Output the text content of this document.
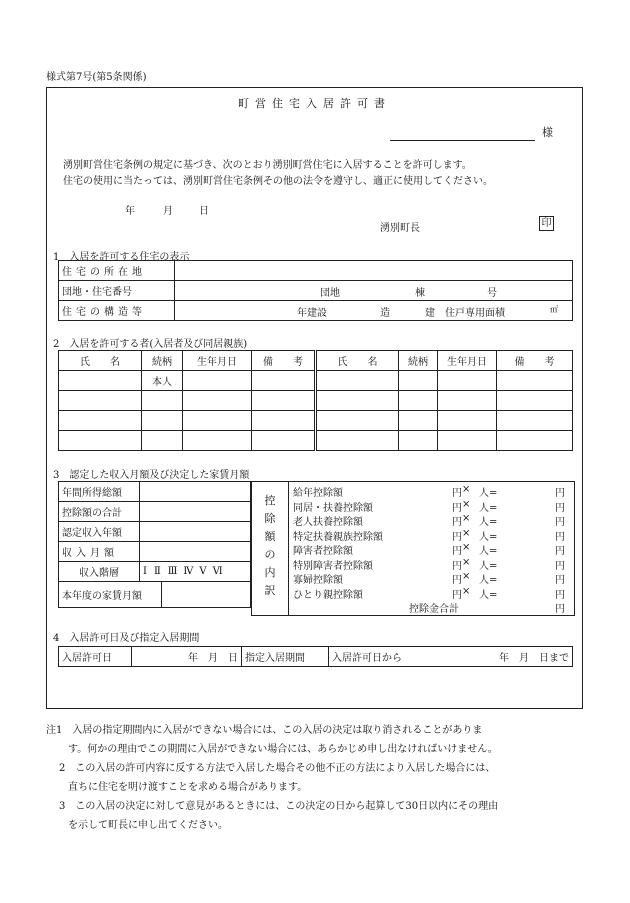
様式第7号(第5条関係)
町営住宅入居許可書
様
湧別町営住宅条例の規定に基づき、次のとおり湧別町営住宅に入居することを許可します。
住宅の使用に当たっては、湧別町営住宅条例その他の法令を遵守し、適正に使用してください。
年	月	日
湧別町長	印
1　入居を許可する住宅の表示
住宅の所在地	
団地・住宅番号	団地 棟 号

住宅の構造等	年建設 造 建 住戸専用面積 ㎡
2　入居を許可する者(入居者及び同居親族)
氏　　名	続柄	生年月日	備　　考	氏　　名	続柄	生年月日	備　　考
	本人						

3　認定した収入月額及び決定した家賃月額
年間所得総額		
控除額の合計		
認定収入年額		
収入月額		
収入階層	Ⅰ Ⅱ Ⅲ Ⅳ Ⅴ Ⅵ	
本年度の家賃月額		
控除額の内訳
給年控除額	円 × 人=	円
同居・扶養控除額	円 × 人=	円
老人扶養控除額	円 × 人=	円
特定扶養親族控除額	円 × 人=	円
障害者控除額	円 × 人=	円
特別障害者控除額	円 × 人=	円
寡婦控除額	円 × 人=	円
ひとり親控除額	円 × 人=	円
控除金合計	円
4　入居許可日及び指定入居期間
入居許可日	年　月　日	指定入居期間	入居許可日から	年　月　日まで

注1　 入居の指定期間内に入居ができない場合には、この入居の決定は取り消されることがありま

す。何かの理由でこの期間に入居ができない場合には、あらかじめ申し出なければいけません。

2　 この入居の許可内容に反する方法で入居した場合その他不正の方法により入居した場合には、

直ちに住宅を明け渡すことを求める場合があります。

3　 この入居の決定に対して意見があるときには、この決定の日から起算して30日以内にその理由

を示して町長に申し出てください。
